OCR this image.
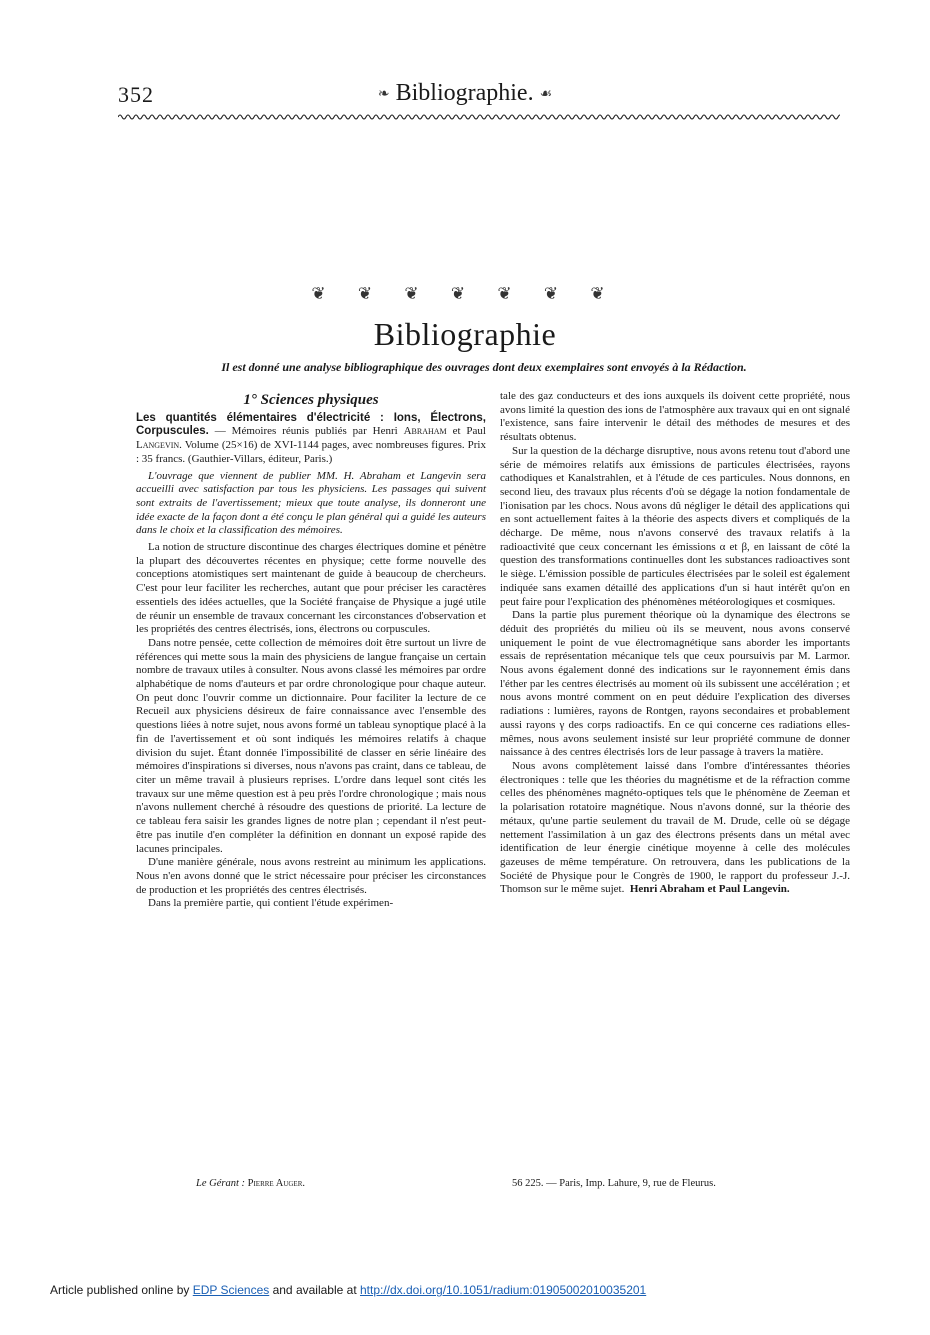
352	❧ Bibliographie. ☙
❦ ❦ ❦ ❦ ❦ ❦ ❦
Bibliographie
Il est donné une analyse bibliographique des ouvrages dont deux exemplaires sont envoyés à la Rédaction.
1° Sciences physiques

Les quantités élémentaires d'électricité : Ions, Électrons, Corpuscules. — Mémoires réunis publiés par Henri Abraham et Paul Langevin. Volume (25×16) de XVI-1144 pages, avec nombreuses figures. Prix : 35 francs. (Gauthier-Villars, éditeur, Paris.)

L'ouvrage que viennent de publier MM. H. Abraham et Langevin sera accueilli avec satisfaction par tous les physiciens. Les passages qui suivent sont extraits de l'avertissement; mieux que toute analyse, ils donneront une idée exacte de la façon dont a été conçu le plan général qui a guidé les auteurs dans le choix et la classification des mémoires.

La notion de structure discontinue des charges électriques domine et pénètre la plupart des découvertes récentes en physique; cette forme nouvelle des conceptions atomistiques sert maintenant de guide à beaucoup de chercheurs. C'est pour leur faciliter les recherches, autant que pour préciser les caractères essentiels des idées actuelles, que la Société française de Physique a jugé utile de réunir un ensemble de travaux concernant les circonstances d'observation et les propriétés des centres électrisés, ions, électrons ou corpuscules.

Dans notre pensée, cette collection de mémoires doit être surtout un livre de références qui mette sous la main des physiciens de langue française un certain nombre de travaux utiles à consulter. Nous avons classé les mémoires par ordre alphabétique de noms d'auteurs et par ordre chronologique pour chaque auteur. On peut donc l'ouvrir comme un dictionnaire. Pour faciliter la lecture de ce Recueil aux physiciens désireux de faire connaissance avec l'ensemble des questions liées à notre sujet, nous avons formé un tableau synoptique placé à la fin de l'avertissement et où sont indiqués les mémoires relatifs à chaque division du sujet. Étant donnée l'impossibilité de classer en série linéaire des mémoires d'inspirations si diverses, nous n'avons pas craint, dans ce tableau, de citer un même travail à plusieurs reprises. L'ordre dans lequel sont cités les travaux sur une même question est à peu près l'ordre chronologique ; mais nous n'avons nullement cherché à résoudre des questions de priorité. La lecture de ce tableau fera saisir les grandes lignes de notre plan ; cependant il n'est peut-être pas inutile d'en compléter la définition en donnant un exposé rapide des lacunes principales.

D'une manière générale, nous avons restreint au minimum les applications. Nous n'en avons donné que le strict nécessaire pour préciser les circonstances de production et les propriétés des centres électrisés.

Dans la première partie, qui contient l'étude expérimen-

tale des gaz conducteurs et des ions auxquels ils doivent cette propriété, nous avons limité la question des ions de l'atmosphère aux travaux qui en ont signalé l'existence, sans faire intervenir le détail des méthodes de mesures et des résultats obtenus.

Sur la question de la décharge disruptive, nous avons retenu tout d'abord une série de mémoires relatifs aux émissions de particules électrisées, rayons cathodiques et Kanalstrahlen, et à l'étude de ces particules. Nous donnons, en second lieu, des travaux plus récents d'où se dégage la notion fondamentale de l'ionisation par les chocs. Nous avons dû négliger le détail des applications qui en sont actuellement faites à la théorie des aspects divers et compliqués de la décharge. De même, nous n'avons conservé des travaux relatifs à la radioactivité que ceux concernant les émissions α et β, en laissant de côté la question des transformations continuelles dont les substances radioactives sont le siège. L'émission possible de particules électrisées par le soleil est également indiquée sans examen détaillé des applications d'un si haut intérêt qu'on en peut faire pour l'explication des phénomènes météorologiques et cosmiques.

Dans la partie plus purement théorique où la dynamique des électrons se déduit des propriétés du milieu où ils se meuvent, nous avons conservé uniquement le point de vue électromagnétique sans aborder les importants essais de représentation mécanique tels que ceux poursuivis par M. Larmor. Nous avons également donné des indications sur le rayonnement émis dans l'éther par les centres électrisés au moment où ils subissent une accélération ; et nous avons montré comment on en peut déduire l'explication des diverses radiations : lumières, rayons de Rontgen, rayons secondaires et probablement aussi rayons γ des corps radioactifs. En ce qui concerne ces radiations elles-mêmes, nous avons seulement insisté sur leur propriété commune de donner naissance à des centres électrisés lors de leur passage à travers la matière.

Nous avons complètement laissé dans l'ombre d'intéressantes théories électroniques : telle que les théories du magnétisme et de la réfraction comme celles des phénomènes magnéto-optiques tels que le phénomène de Zeeman et la polarisation rotatoire magnétique. Nous n'avons donné, sur la théorie des métaux, qu'une partie seulement du travail de M. Drude, celle où se dégage nettement l'assimilation à un gaz des électrons présents dans un métal avec identification de leur énergie cinétique moyenne à celle des molécules gazeuses de même température. On retrouvera, dans les publications de la Société de Physique pour le Congrès de 1900, le rapport du professeur J.-J. Thomson sur le même sujet. Henri Abraham et Paul Langevin.

Le Gérant : Pierre Auger.	56 225. — Paris, Imp. Lahure, 9, rue de Fleurus.
Article published online by EDP Sciences and available at http://dx.doi.org/10.1051/radium:01905002010035201
